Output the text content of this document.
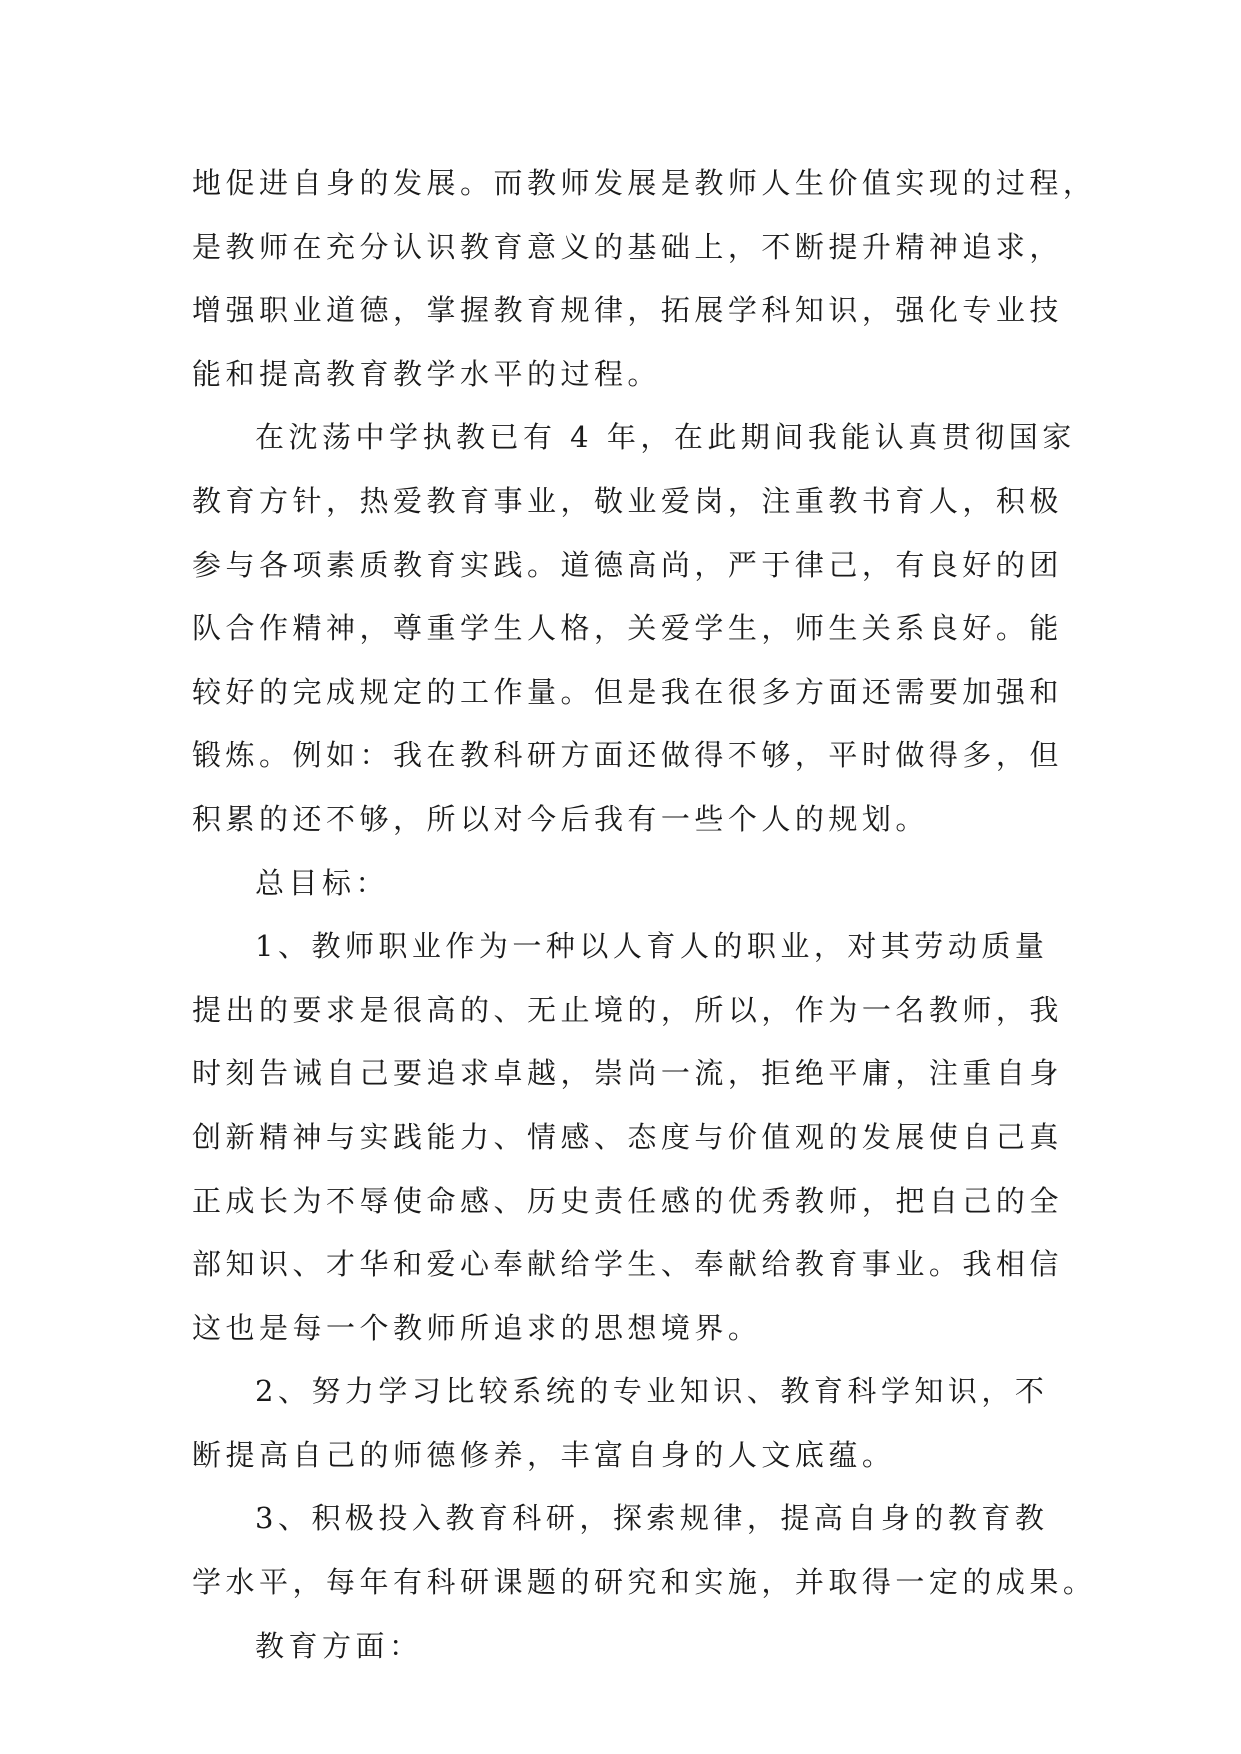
地促进自身的发展。而教师发展是教师人生价值实现的过程，
是教师在充分认识教育意义的基础上，不断提升精神追求，
增强职业道德，掌握教育规律，拓展学科知识，强化专业技
能和提高教育教学水平的过程。
在沈荡中学执教已有 4 年，在此期间我能认真贯彻国家
教育方针，热爱教育事业，敬业爱岗，注重教书育人，积极
参与各项素质教育实践。道德高尚，严于律己，有良好的团
队合作精神，尊重学生人格，关爱学生，师生关系良好。能
较好的完成规定的工作量。但是我在很多方面还需要加强和
锻炼。例如：我在教科研方面还做得不够，平时做得多，但
积累的还不够，所以对今后我有一些个人的规划。
总目标：
1、教师职业作为一种以人育人的职业，对其劳动质量
提出的要求是很高的、无止境的，所以，作为一名教师，我
时刻告诫自己要追求卓越，崇尚一流，拒绝平庸，注重自身
创新精神与实践能力、情感、态度与价值观的发展使自己真
正成长为不辱使命感、历史责任感的优秀教师，把自己的全
部知识、才华和爱心奉献给学生、奉献给教育事业。我相信
这也是每一个教师所追求的思想境界。
2、努力学习比较系统的专业知识、教育科学知识，不
断提高自己的师德修养，丰富自身的人文底蕴。
3、积极投入教育科研，探索规律，提高自身的教育教
学水平，每年有科研课题的研究和实施，并取得一定的成果。
教育方面：
